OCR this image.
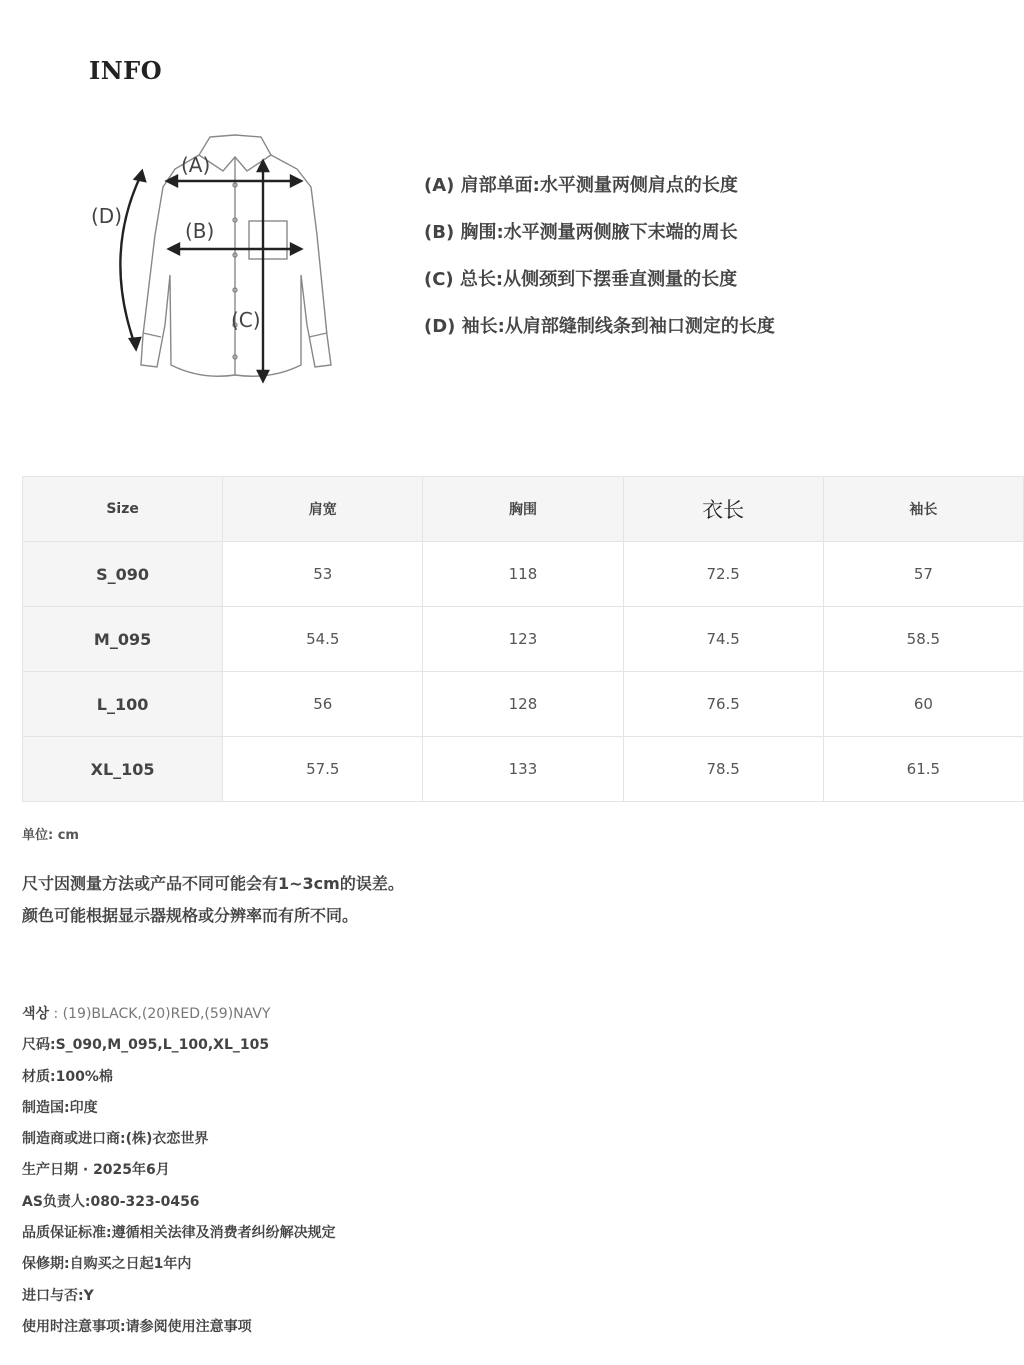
INFO
(A)
(B)
(C)
(D)
(A) 肩部单面:水平测量两侧肩点的长度
(B) 胸围:水平测量两侧腋下末端的周长
(C) 总长:从侧颈到下摆垂直测量的长度
(D) 袖长:从肩部缝制线条到袖口测定的长度
Size	肩宽	胸围	衣长	袖长
S_090	53	118	72.5	57
M_095	54.5	123	74.5	58.5
L_100	56	128	76.5	60
XL_105	57.5	133	78.5	61.5
单位: cm
尺寸因测量方法或产品不同可能会有1~3cm的误差。
颜色可能根据显示器规格或分辨率而有所不同。
색상 : (19)BLACK,(20)RED,(59)NAVY
尺码:S_090,M_095,L_100,XL_105
材质:100%棉
制造国:印度
制造商或进口商:(株)衣恋世界
生产日期 · 2025年6月
AS负责人:080-323-0456
品质保证标准:遵循相关法律及消费者纠纷解决规定
保修期:自购买之日起1年内
进口与否:Y
使用时注意事项:请参阅使用注意事项
